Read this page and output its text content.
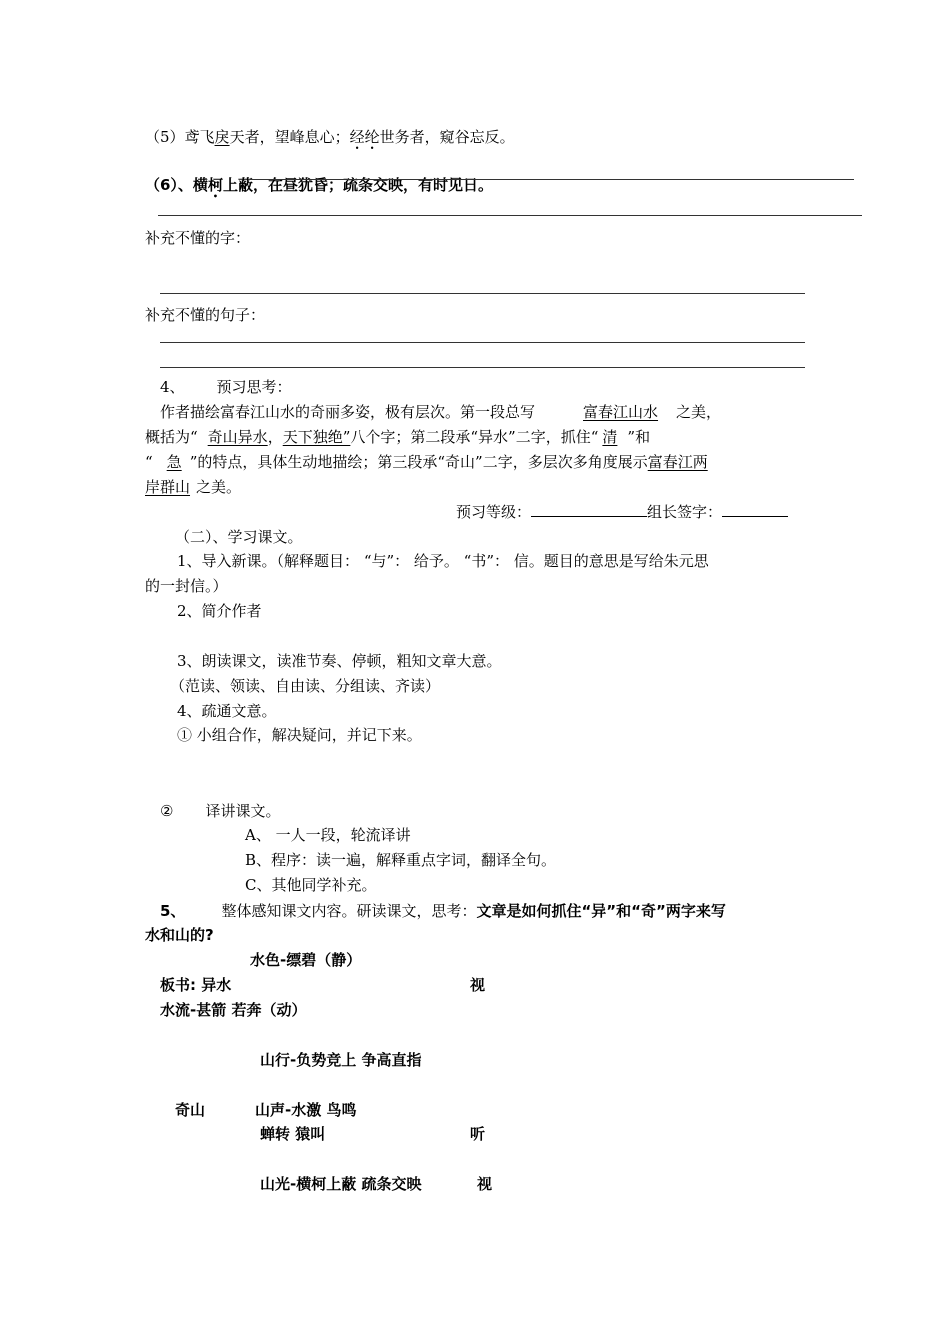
（5）鸢飞戾天者，望峰息心；经纶世务者，窥谷忘反。
（6）、横柯上蔽，在昼犹昏；疏条交映，有时见日。
补充不懂的字：
补充不懂的句子：
4、 预习思考：
作者描绘富春江山水的奇丽多姿，极有层次。第一段总写	富春江山水 之美，
概括为“ 奇山异水，天下独绝”八个字；第二段承“异水”二字，抓住“ 清 ”和
“ 急 ”的特点，具体生动地描绘；第三段承“奇山”二字，多层次多角度展示富春江两
岸群山 之美。
预习等级：	组长签字：
（二）、学习课文。
1、导入新课。（解释题目： “与”： 给予。 “书”： 信。题目的意思是写给朱元思
的一封信。）
2、简介作者
3、朗读课文，读准节奏、停顿，粗知文章大意。
（范读、领读、自由读、分组读、齐读）
4、疏通文意。
① 小组合作，解决疑问，并记下来。
② 译讲课文。
A、 一人一段，轮流译讲
B、程序：读一遍，解释重点字词，翻译全句。
C、其他同学补充。
5、 整体感知课文内容。研读课文，思考：文章是如何抓住“异”和“奇”两字来写
水和山的?
水色-缥碧（静）
板书: 异水	视
水流-甚箭 若奔（动）
山行-负势竞上 争高直指
奇山	山声-水激 鸟鸣
蝉转 猿叫	听
山光-横柯上蔽 疏条交映	视
